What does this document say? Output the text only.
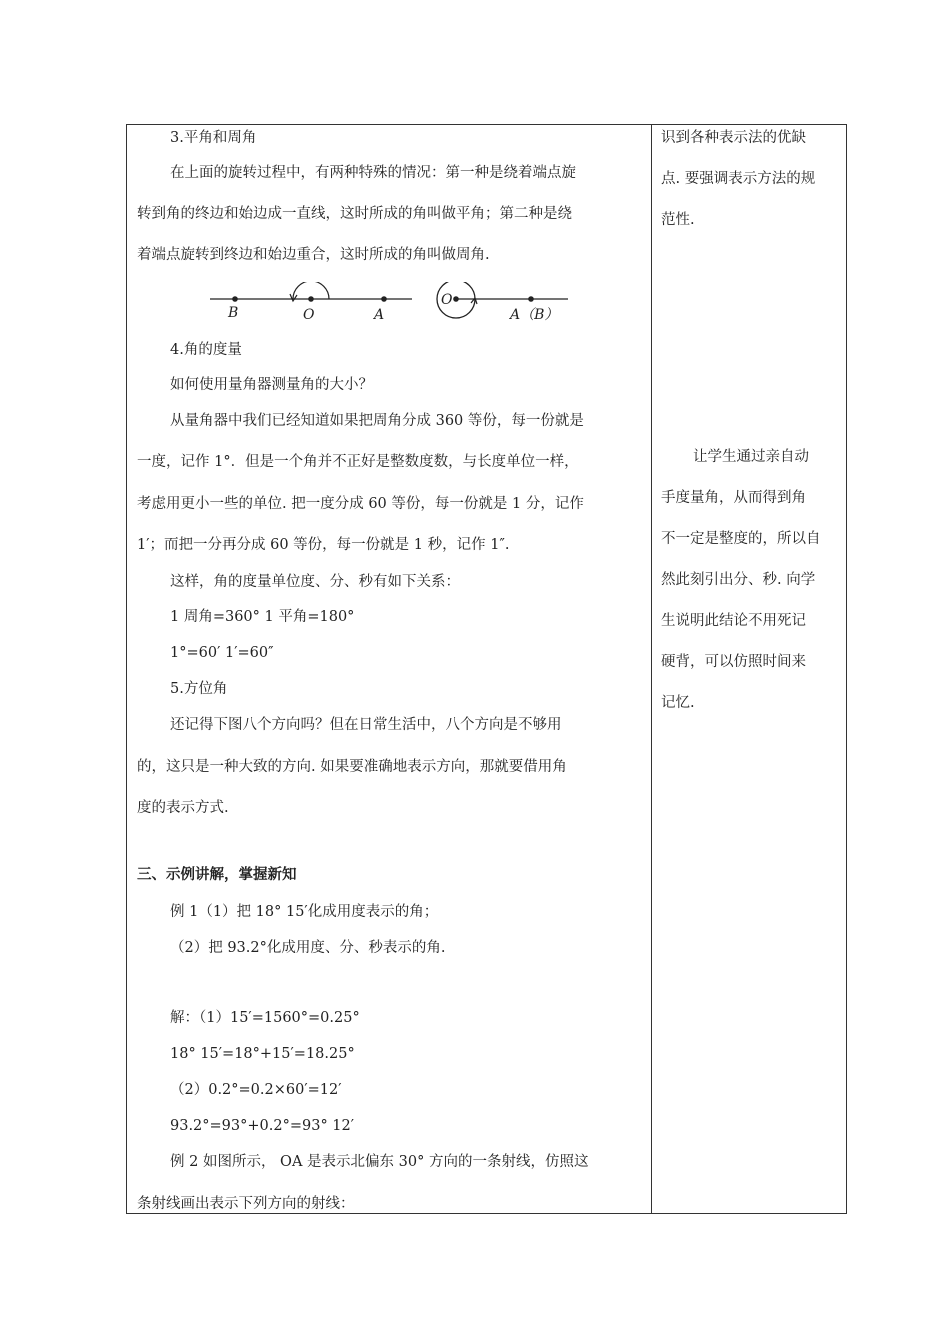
3.平角和周角
在上面的旋转过程中，有两种特殊的情况：第一种是绕着端点旋
转到角的终边和始边成一直线，这时所成的角叫做平角；第二种是绕
着端点旋转到终边和始边重合，这时所成的角叫做周角.
B	O	A
O
A（B）
4.角的度量
如何使用量角器测量角的大小？
从量角器中我们已经知道如果把周角分成 360 等份，每一份就是
一度，记作 1°．但是一个角并不正好是整数度数，与长度单位一样，
考虑用更小一些的单位. 把一度分成 60 等份，每一份就是 1 分，记作
1′；而把一分再分成 60 等份，每一份就是 1 秒，记作 1″.
这样，角的度量单位度、分、秒有如下关系：
1 周角=360° 1 平角=180°
1°=60′ 1′=60″
5.方位角
还记得下图八个方向吗？但在日常生活中，八个方向是不够用
的，这只是一种大致的方向. 如果要准确地表示方向，那就要借用角
度的表示方式.
三、示例讲解，掌握新知
例 1（1）把 18° 15′化成用度表示的角；
（2）把 93.2°化成用度、分、秒表示的角.
解：（1）15′=1560°=0.25°
18° 15′=18°+15′=18.25°
（2）0.2°=0.2×60′=12′
93.2°=93°+0.2°=93° 12′
例 2 如图所示， OA 是表示北偏东 30° 方向的一条射线，仿照这
条射线画出表示下列方向的射线：
识到各种表示法的优缺
点. 要强调表示方法的规
范性.
让学生通过亲自动
手度量角，从而得到角
不一定是整度的，所以自
然此刻引出分、秒. 向学
生说明此结论不用死记
硬背，可以仿照时间来
记忆.
